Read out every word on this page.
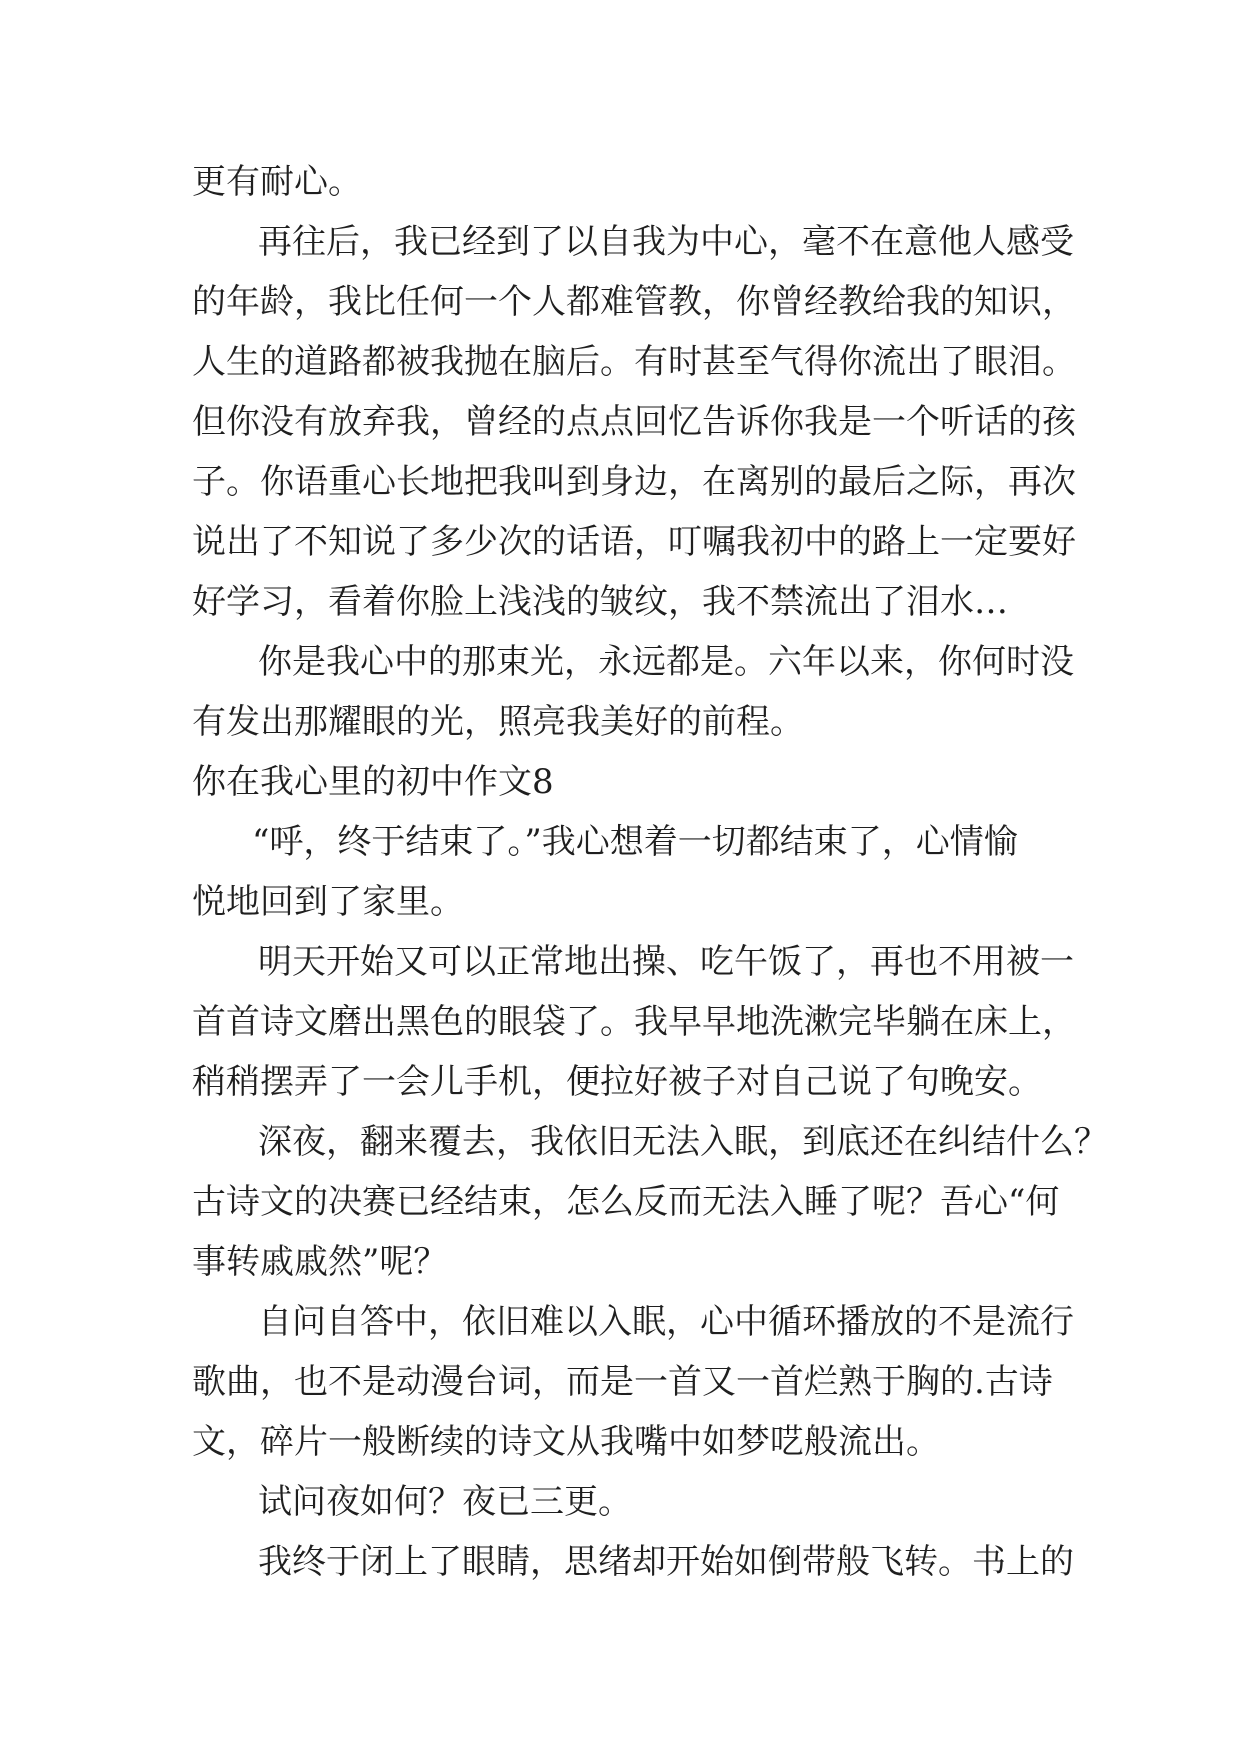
更有耐心。
再往后，我已经到了以自我为中心，毫不在意他人感受
的年龄，我比任何一个人都难管教，你曾经教给我的知识，
人生的道路都被我抛在脑后。有时甚至气得你流出了眼泪。
但你没有放弃我，曾经的点点回忆告诉你我是一个听话的孩
子。你语重心长地把我叫到身边，在离别的最后之际，再次
说出了不知说了多少次的话语，叮嘱我初中的路上一定要好
好学习，看着你脸上浅浅的皱纹，我不禁流出了泪水…
你是我心中的那束光，永远都是。六年以来，你何时没
有发出那耀眼的光，照亮我美好的前程。
你在我心里的初中作文8
“呼，终于结束了。”我心想着一切都结束了，心情愉
悦地回到了家里。
明天开始又可以正常地出操、吃午饭了，再也不用被一
首首诗文磨出黑色的眼袋了。我早早地洗漱完毕躺在床上，
稍稍摆弄了一会儿手机，便拉好被子对自己说了句晚安。
深夜，翻来覆去，我依旧无法入眠，到底还在纠结什么？
古诗文的决赛已经结束，怎么反而无法入睡了呢？吾心“何
事转戚戚然”呢？
自问自答中，依旧难以入眠，心中循环播放的不是流行
歌曲，也不是动漫台词，而是一首又一首烂熟于胸的.古诗
文，碎片一般断续的诗文从我嘴中如梦呓般流出。
试问夜如何？夜已三更。
我终于闭上了眼睛，思绪却开始如倒带般飞转。书上的
